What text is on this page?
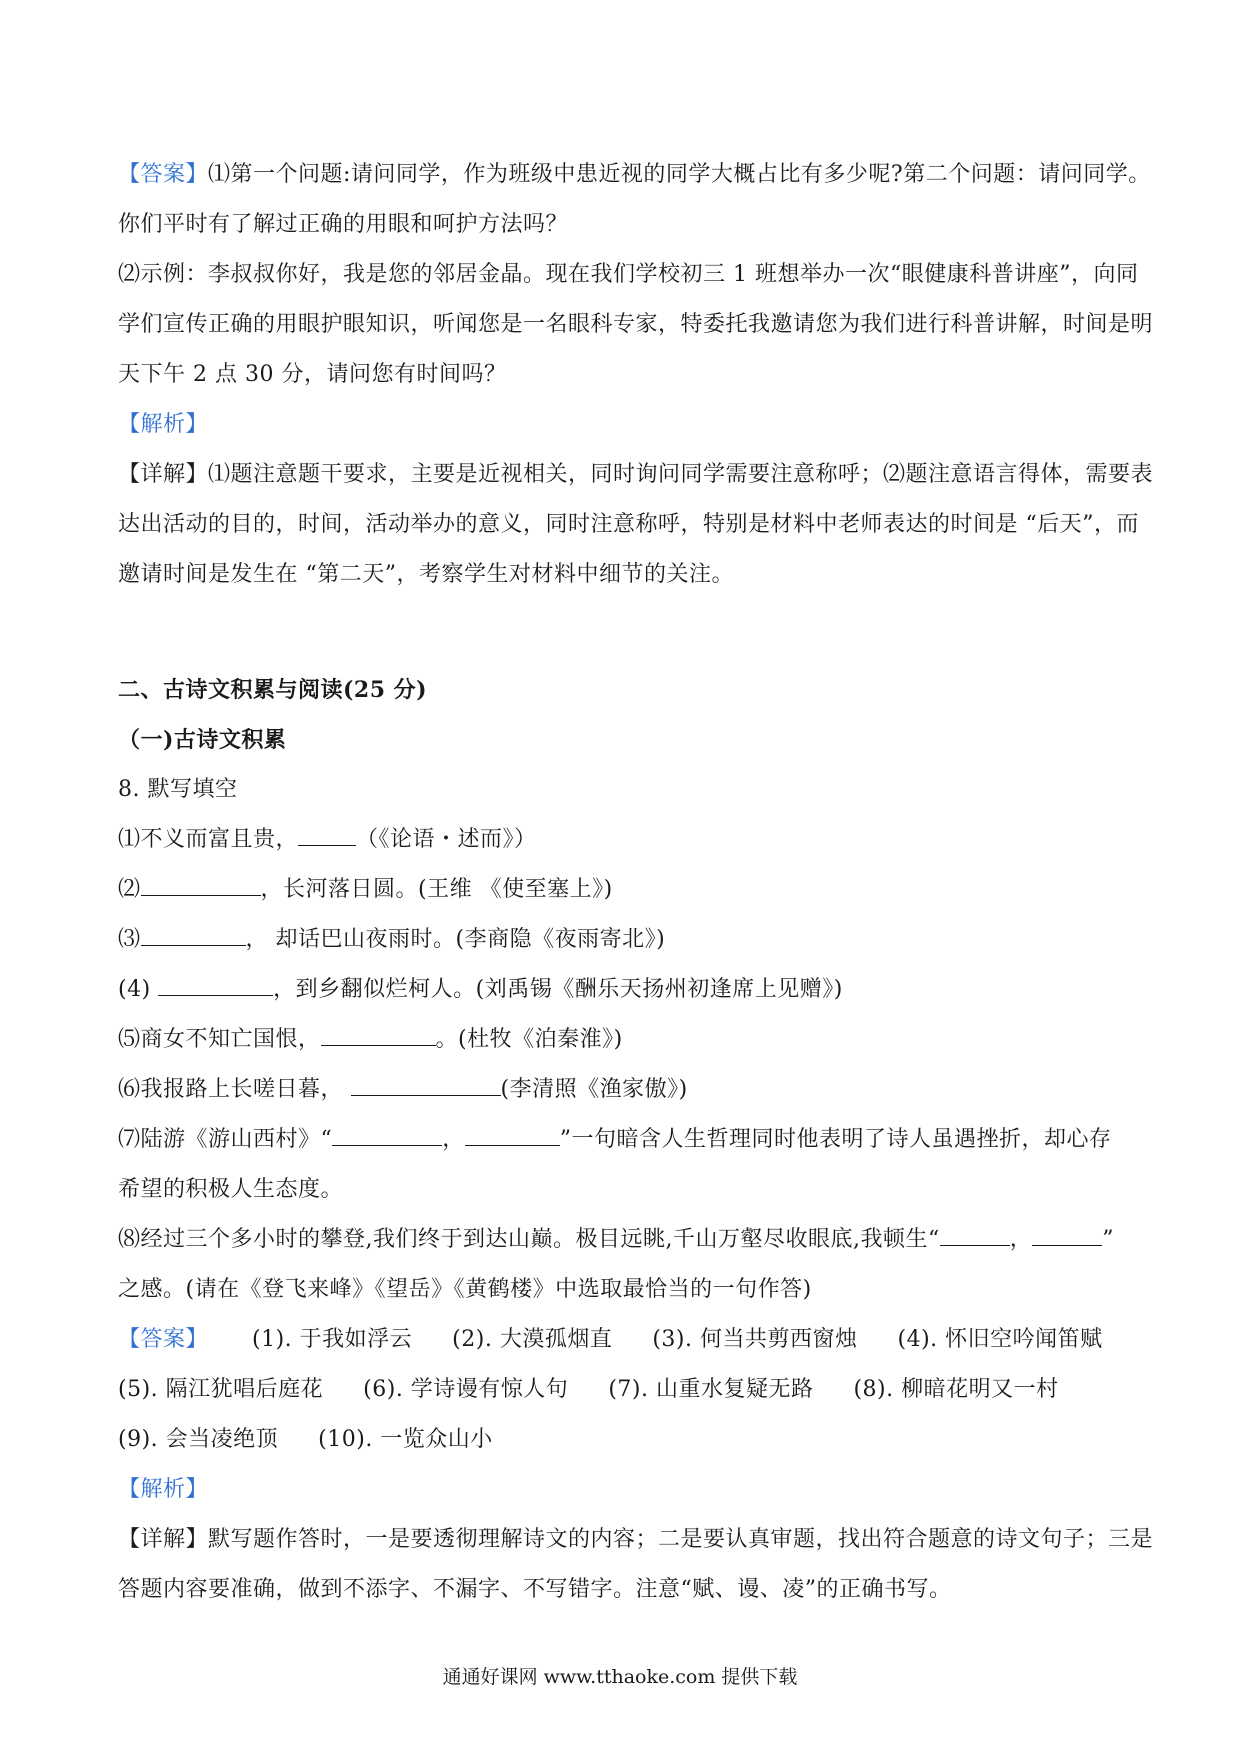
【答案】⑴第一个问题:请问同学，作为班级中患近视的同学大概占比有多少呢?第二个问题：请问同学。
你们平时有了解过正确的用眼和呵护方法吗？
⑵示例：李叔叔你好，我是您的邻居金晶。现在我们学校初三 1 班想举办一次“眼健康科普讲座”，向同
学们宣传正确的用眼护眼知识，听闻您是一名眼科专家，特委托我邀请您为我们进行科普讲解，时间是明
天下午 2 点 30 分，请问您有时间吗？
【解析】
【详解】⑴题注意题干要求，主要是近视相关，同时询问同学需要注意称呼；⑵题注意语言得体，需要表
达出活动的目的，时间，活动举办的意义，同时注意称呼，特别是材料中老师表达的时间是 “后天”，而
邀请时间是发生在 “第二天”，考察学生对材料中细节的关注。
二、古诗文积累与阅读(25 分)
（一)古诗文积累
8. 默写填空
⑴不义而富且贵，	（《论语・述而》）
⑵	，长河落日圆。(王维 《使至塞上》)
⑶	， 却话巴山夜雨时。(李商隐《夜雨寄北》)
(4)	，到乡翻似烂柯人。(刘禹锡《酬乐天扬州初逢席上见赠》)
⑸商女不知亡国恨，	。(杜牧《泊秦淮》)
⑹我报路上长嗟日暮，	(李清照《渔家傲》)
⑺陆游《游山西村》“	，	”一句暗含人生哲理同时他表明了诗人虽遇挫折，却心存
希望的积极人生态度。
⑻经过三个多小时的攀登,我们终于到达山巅。极目远眺,千山万壑尽收眼底,我顿生“	，	”
之感。(请在《登飞来峰》《望岳》《黄鹤楼》中选取最恰当的一句作答)
【答案】 (1). 于我如浮云 (2). 大漠孤烟直 (3). 何当共剪西窗烛 (4). 怀旧空吟闻笛赋
(5). 隔江犹唱后庭花 (6). 学诗谩有惊人句 (7). 山重水复疑无路 (8). 柳暗花明又一村
(9). 会当凌绝顶 (10). 一览众山小
【解析】
【详解】默写题作答时，一是要透彻理解诗文的内容；二是要认真审题，找出符合题意的诗文句子；三是
答题内容要准确，做到不添字、不漏字、不写错字。注意“赋、谩、凌”的正确书写。
通通好课网 www.tthaoke.com 提供下载
